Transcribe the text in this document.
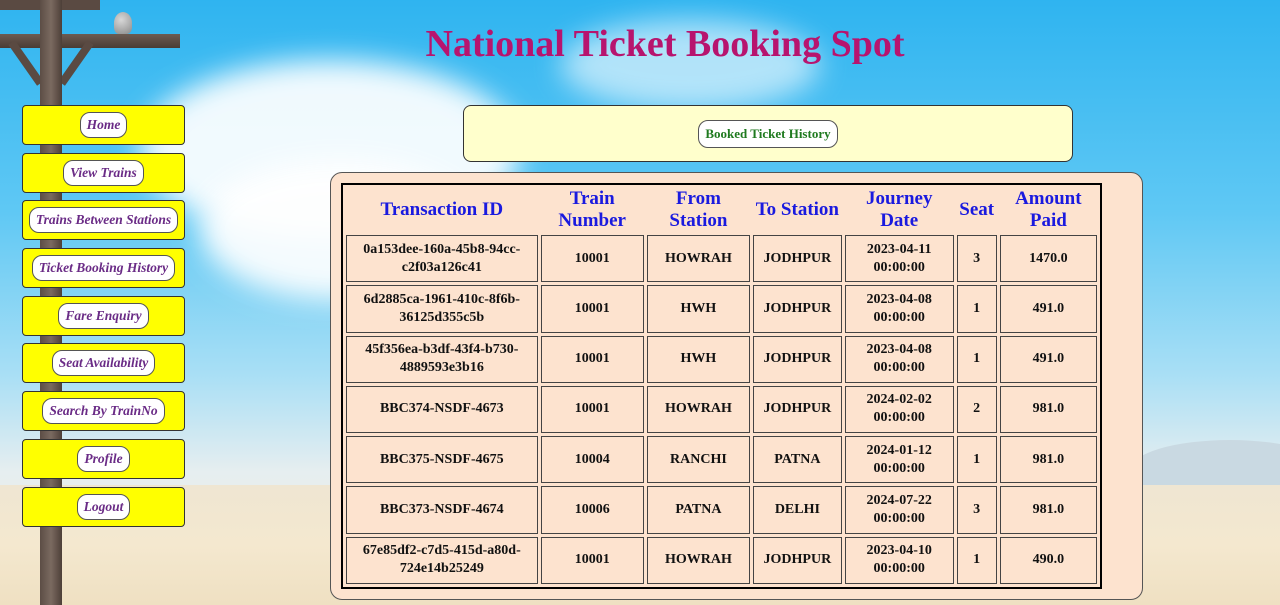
National Ticket Booking Spot
Home
View Trains
Trains Between Stations
Ticket Booking History
Fare Enquiry
Seat Availability
Search By TrainNo
Profile
Logout
Booked Ticket History
Transaction ID	Train Number	From Station	To Station	Journey Date	Seat	Amount Paid
0a153dee-160a-45b8-94cc-c2f03a126c41	10001	HOWRAH	JODHPUR	2023-04-11 00:00:00	3	1470.0
6d2885ca-1961-410c-8f6b-36125d355c5b	10001	HWH	JODHPUR	2023-04-08 00:00:00	1	491.0
45f356ea-b3df-43f4-b730-4889593e3b16	10001	HWH	JODHPUR	2023-04-08 00:00:00	1	491.0
BBC374-NSDF-4673	10001	HOWRAH	JODHPUR	2024-02-02 00:00:00	2	981.0
BBC375-NSDF-4675	10004	RANCHI	PATNA	2024-01-12 00:00:00	1	981.0
BBC373-NSDF-4674	10006	PATNA	DELHI	2024-07-22 00:00:00	3	981.0
67e85df2-c7d5-415d-a80d-724e14b25249	10001	HOWRAH	JODHPUR	2023-04-10 00:00:00	1	490.0
